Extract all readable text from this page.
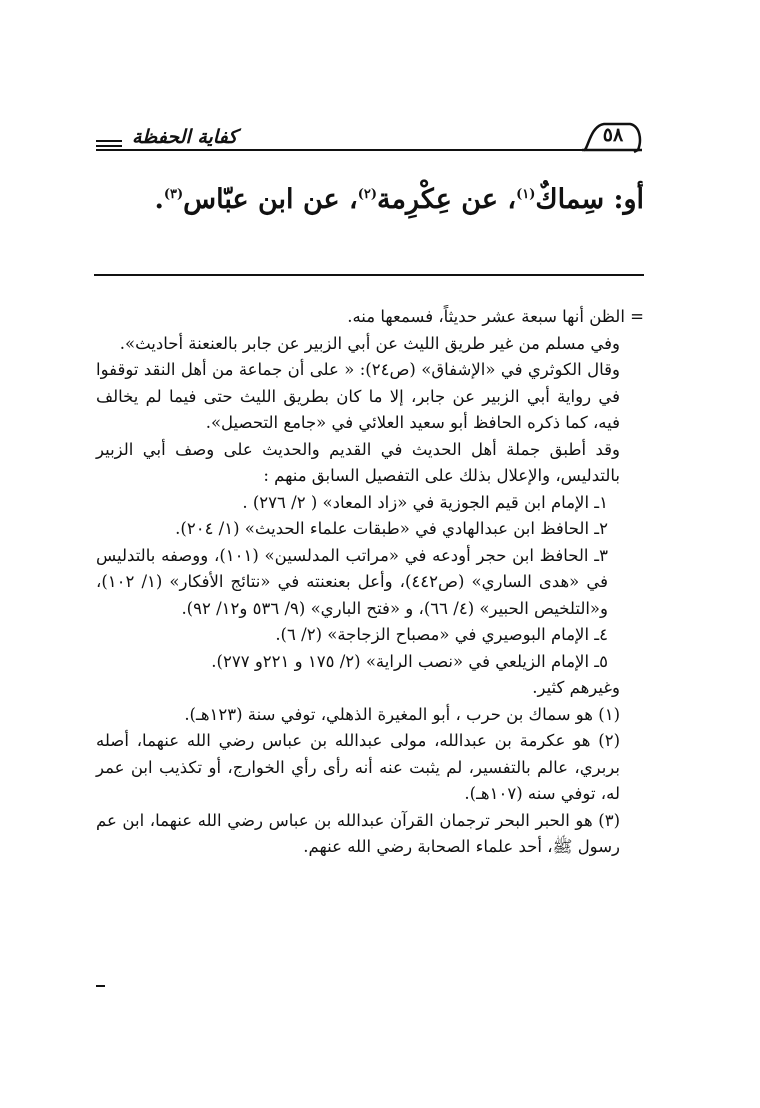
كفاية الحفظة	٥٨
أو: سِماكٌ$^{(١)}$، عن عِكْرِمة$^{(٢)}$، عن ابن عبّاس$^{(٣)}$.

= الظن أنها سبعة عشر حديثاً، فسمعها منه.

وفي مسلم من غير طريق الليث عن أبي الزبير عن جابر بالعنعنة أحاديث».

وقال الكوثري في «الإشفاق» (ص٢٤): « على أن جماعة من أهل النقد توقفوا في رواية أبي الزبير عن جابر، إلا ما كان بطريق الليث حتى فيما لم يخالف فيه، كما ذكره الحافظ أبو سعيد العلائي في «جامع التحصيل».

وقد أطبق جملة أهل الحديث في القديم والحديث على وصف أبي الزبير بالتدليس، والإعلال بذلك على التفصيل السابق منهم :

١ـ الإمام ابن قيم الجوزية في «زاد المعاد» ( ٢/ ٢٧٦) .

٢ـ الحافظ ابن عبدالهادي في «طبقات علماء الحديث» (١/ ٢٠٤).

٣ـ الحافظ ابن حجر أودعه في «مراتب المدلسين» (١٠١)، ووصفه بالتدليس في «هدى الساري» (ص٤٤٢)، وأعل بعنعنته في «نتائج الأفكار» (١/ ١٠٢)، و«التلخيص الحبير» (٤/ ٦٦)، و «فتح الباري» (٩/ ٥٣٦ و١٢/ ٩٢).

٤ـ الإمام البوصيري في «مصباح الزجاجة» (٢/ ٦).

٥ـ الإمام الزيلعي في «نصب الراية» (٢/ ١٧٥ و ٢٢١و ٢٧٧).

وغيرهم كثير.

(١) هو سماك بن حرب ، أبو المغيرة الذهلي، توفي سنة (١٢٣هـ).

(٢) هو عكرمة بن عبدالله، مولى عبدالله بن عباس رضي الله عنهما، أصله بربري، عالم بالتفسير، لم يثبت عنه أنه رأى رأي الخوارج، أو تكذيب ابن عمر له، توفي سنه (١٠٧هـ).

(٣) هو الحبر البحر ترجمان القرآن عبدالله بن عباس رضي الله عنهما، ابن عم رسول ﷺ، أحد علماء الصحابة رضي الله عنهم.
